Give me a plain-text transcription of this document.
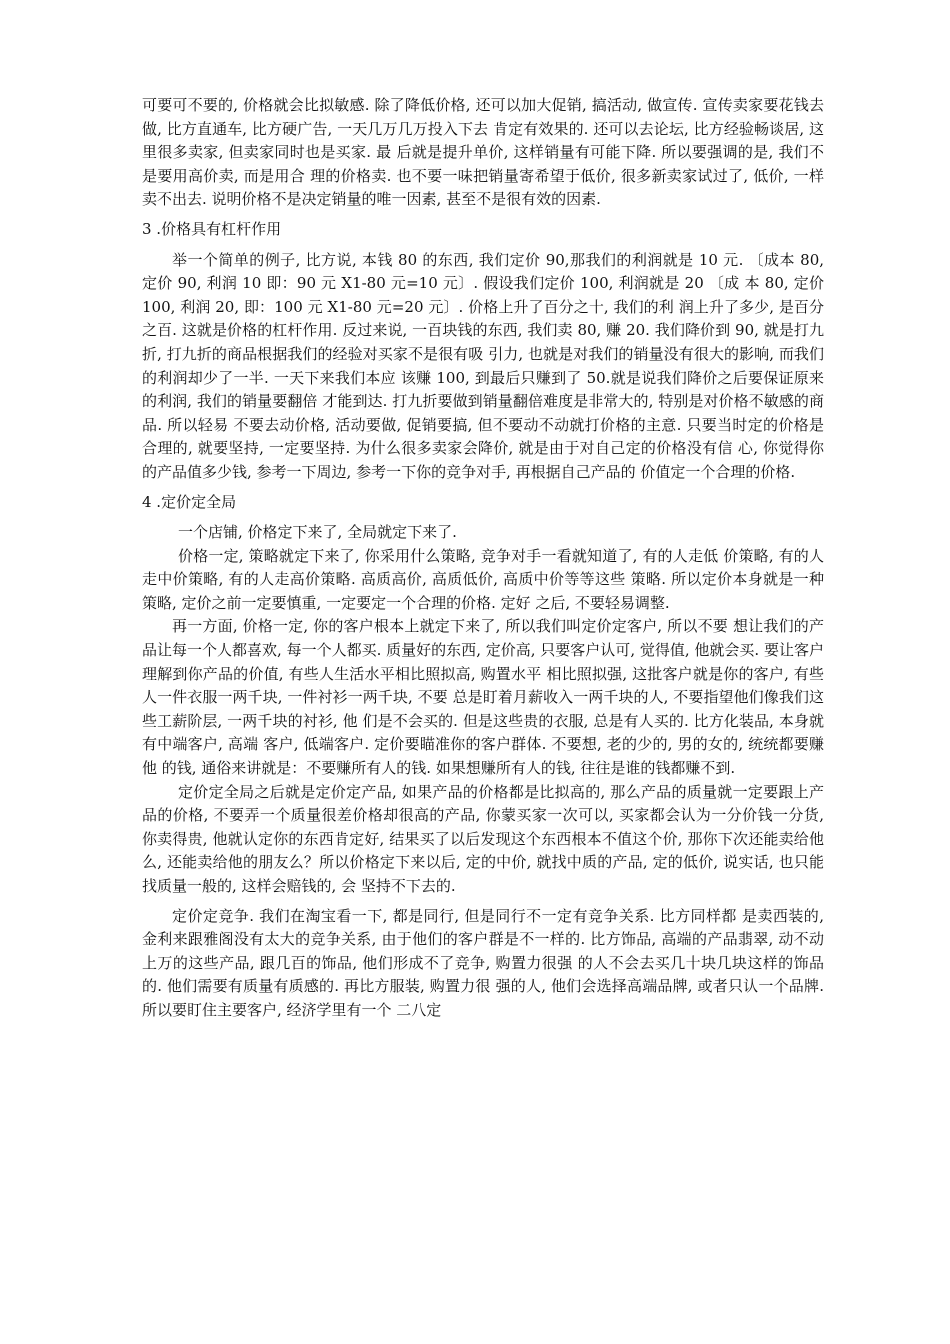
可要可不要的, 价格就会比拟敏感. 除了降低价格, 还可以加大促销, 搞活动, 做宣传. 宣传卖家要花钱去做, 比方直通车, 比方硬广告, 一天几万几万投入下去 肯定有效果的. 还可以去论坛, 比方经验畅谈居, 这里很多卖家, 但卖家同时也是买家. 最 后就是提升单价, 这样销量有可能下降. 所以要强调的是, 我们不是要用高价卖, 而是用合 理的价格卖. 也不要一味把销量寄希望于低价, 很多新卖家试过了, 低价, 一样卖不出去. 说明价格不是决定销量的唯一因素, 甚至不是很有效的因素.

3 .价格具有杠杆作用

举一个简单的例子, 比方说, 本钱 80 的东西, 我们定价 90,那我们的利润就是 10 元. 〔成本 80, 定价 90, 利润 10 即：90 元 X1-80 元=10 元〕. 假设我们定价 100, 利润就是 20 〔成 本 80, 定价 100, 利润 20, 即：100 元 X1-80 元=20 元〕. 价格上升了百分之十, 我们的利 润上升了多少, 是百分之百. 这就是价格的杠杆作用. 反过来说, 一百块钱的东西, 我们卖 80, 赚 20. 我们降价到 90, 就是打九折, 打九折的商品根据我们的经验对买家不是很有吸 引力, 也就是对我们的销量没有很大的影响, 而我们的利润却少了一半. 一天下来我们本应 该赚 100, 到最后只赚到了 50.就是说我们降价之后要保证原来的利润, 我们的销量要翻倍 才能到达. 打九折要做到销量翻倍难度是非常大的, 特别是对价格不敏感的商品. 所以轻易 不要去动价格, 活动要做, 促销要搞, 但不要动不动就打价格的主意. 只要当时定的价格是 合理的, 就要坚持, 一定要坚持. 为什么很多卖家会降价, 就是由于对自己定的价格没有信 心, 你觉得你的产品值多少钱, 参考一下周边, 参考一下你的竞争对手, 再根据自己产品的 价值定一个合理的价格.

4 .定价定全局

一个店铺, 价格定下来了, 全局就定下来了.

价格一定, 策略就定下来了, 你采用什么策略, 竞争对手一看就知道了, 有的人走低 价策略, 有的人走中价策略, 有的人走高价策略. 高质高价, 高质低价, 高质中价等等这些 策略. 所以定价本身就是一种策略, 定价之前一定要慎重, 一定要定一个合理的价格. 定好 之后, 不要轻易调整.

再一方面, 价格一定, 你的客户根本上就定下来了, 所以我们叫定价定客户, 所以不要 想让我们的产品让每一个人都喜欢, 每一个人都买. 质量好的东西, 定价高, 只要客户认可, 觉得值, 他就会买. 要让客户理解到你产品的价值, 有些人生活水平相比照拟高, 购置水平 相比照拟强, 这批客户就是你的客户, 有些人一件衣服一两千块, 一件衬衫一两千块, 不要 总是盯着月薪收入一两千块的人, 不要指望他们像我们这些工薪阶层, 一两千块的衬衫, 他 们是不会买的. 但是这些贵的衣服, 总是有人买的. 比方化装品, 本身就有中端客户, 高端 客户, 低端客户. 定价要瞄准你的客户群体. 不要想, 老的少的, 男的女的, 统统都要赚他 的钱, 通俗来讲就是：不要赚所有人的钱. 如果想赚所有人的钱, 往往是谁的钱都赚不到.

定价定全局之后就是定价定产品, 如果产品的价格都是比拟高的, 那么产品的质量就一定要跟上产品的价格, 不要弄一个质量很差价格却很高的产品, 你蒙买家一次可以, 买家都会认为一分价钱一分货, 你卖得贵, 他就认定你的东西肯定好, 结果买了以后发现这个东西根本不值这个价, 那你下次还能卖给他么, 还能卖给他的朋友么？所以价格定下来以后, 定的中价, 就找中质的产品, 定的低价, 说实话, 也只能找质量一般的, 这样会赔钱的, 会 坚持不下去的.

定价定竞争. 我们在淘宝看一下, 都是同行, 但是同行不一定有竞争关系. 比方同样都 是卖西装的, 金利来跟雅阁没有太大的竞争关系, 由于他们的客户群是不一样的. 比方饰品, 高端的产品翡翠, 动不动上万的这些产品, 跟几百的饰品, 他们形成不了竞争, 购置力很强 的人不会去买几十块几块这样的饰品的. 他们需要有质量有质感的. 再比方服装, 购置力很 强的人, 他们会选择高端品牌, 或者只认一个品牌. 所以要盯住主要客户, 经济学里有一个 二八定
